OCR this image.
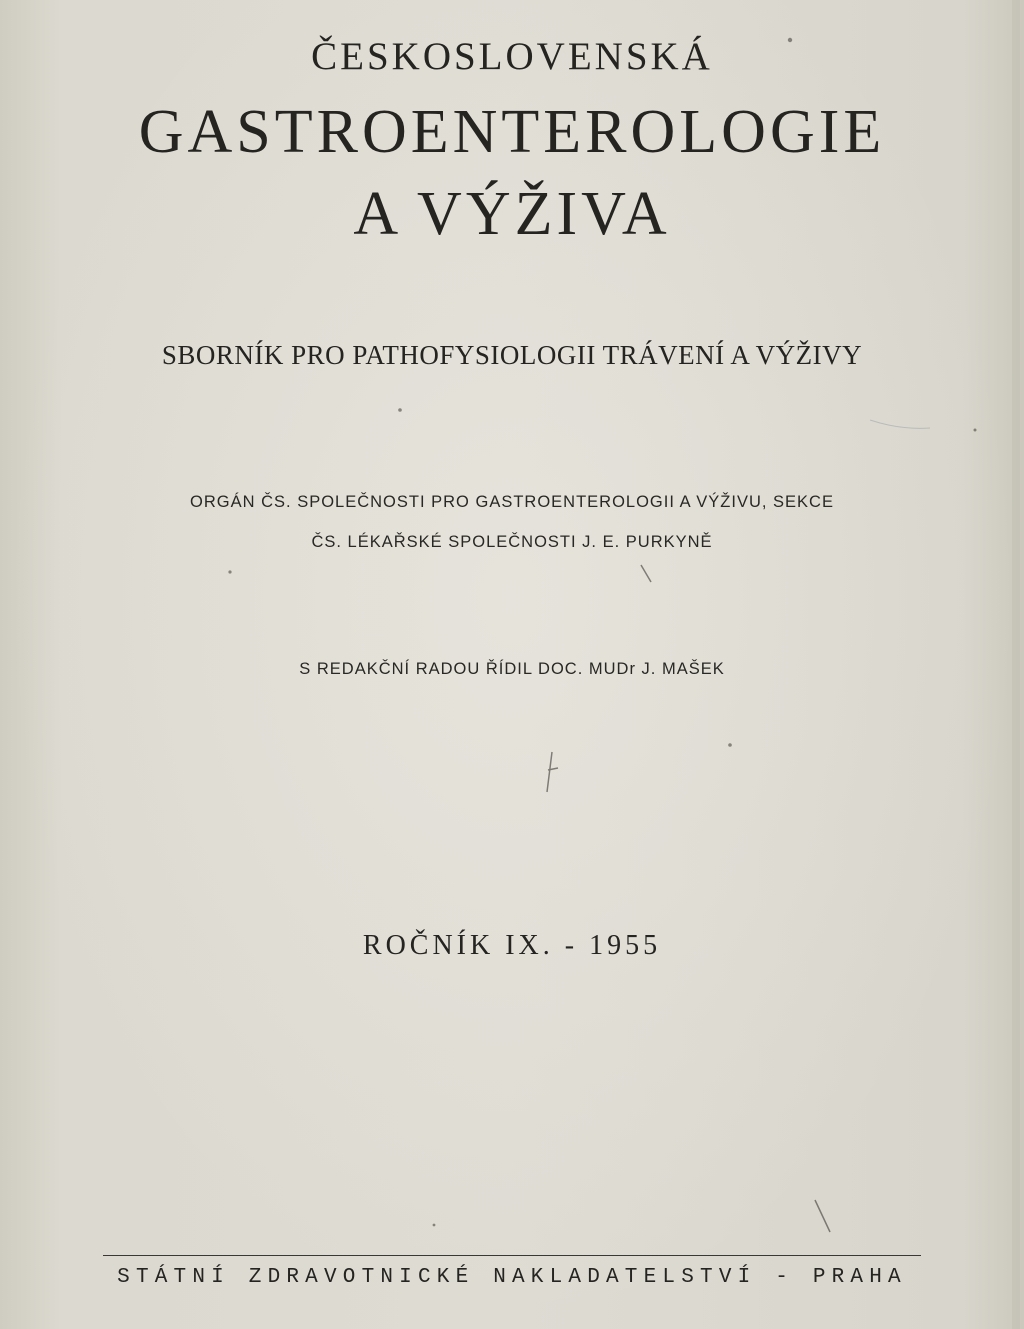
ČESKOSLOVENSKÁ
GASTROENTEROLOGIE
A VÝŽIVA
SBORNÍK PRO PATHOFYSIOLOGII TRÁVENÍ A VÝŽIVY
ORGÁN ČS. SPOLEČNOSTI PRO GASTROENTEROLOGII A VÝŽIVU, SEKCE
ČS. LÉKAŘSKÉ SPOLEČNOSTI J. E. PURKYNĚ
S REDAKČNÍ RADOU ŘÍDIL DOC. MUDr J. MAŠEK
ROČNÍK IX. - 1955
STÁTNÍ ZDRAVOTNICKÉ NAKLADATELSTVÍ - PRAHA
